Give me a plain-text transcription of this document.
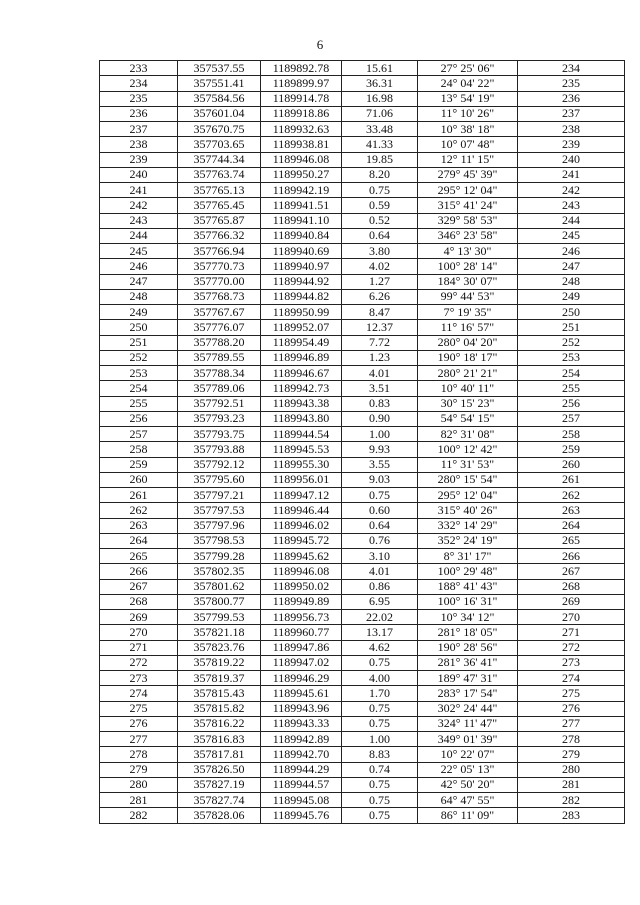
6
233	357537.55	1189892.78	15.61	27° 25' 06"	234
234	357551.41	1189899.97	36.31	24° 04' 22"	235
235	357584.56	1189914.78	16.98	13° 54' 19"	236
236	357601.04	1189918.86	71.06	11° 10' 26"	237
237	357670.75	1189932.63	33.48	10° 38' 18"	238
238	357703.65	1189938.81	41.33	10° 07' 48"	239
239	357744.34	1189946.08	19.85	12° 11' 15"	240
240	357763.74	1189950.27	8.20	279° 45' 39"	241
241	357765.13	1189942.19	0.75	295° 12' 04"	242
242	357765.45	1189941.51	0.59	315° 41' 24"	243
243	357765.87	1189941.10	0.52	329° 58' 53"	244
244	357766.32	1189940.84	0.64	346° 23' 58"	245
245	357766.94	1189940.69	3.80	4° 13' 30"	246
246	357770.73	1189940.97	4.02	100° 28' 14"	247
247	357770.00	1189944.92	1.27	184° 30' 07"	248
248	357768.73	1189944.82	6.26	99° 44' 53"	249
249	357767.67	1189950.99	8.47	7° 19' 35"	250
250	357776.07	1189952.07	12.37	11° 16' 57"	251
251	357788.20	1189954.49	7.72	280° 04' 20"	252
252	357789.55	1189946.89	1.23	190° 18' 17"	253
253	357788.34	1189946.67	4.01	280° 21' 21"	254
254	357789.06	1189942.73	3.51	10° 40' 11"	255
255	357792.51	1189943.38	0.83	30° 15' 23"	256
256	357793.23	1189943.80	0.90	54° 54' 15"	257
257	357793.75	1189944.54	1.00	82° 31' 08"	258
258	357793.88	1189945.53	9.93	100° 12' 42"	259
259	357792.12	1189955.30	3.55	11° 31' 53"	260
260	357795.60	1189956.01	9.03	280° 15' 54"	261
261	357797.21	1189947.12	0.75	295° 12' 04"	262
262	357797.53	1189946.44	0.60	315° 40' 26"	263
263	357797.96	1189946.02	0.64	332° 14' 29"	264
264	357798.53	1189945.72	0.76	352° 24' 19"	265
265	357799.28	1189945.62	3.10	8° 31' 17"	266
266	357802.35	1189946.08	4.01	100° 29' 48"	267
267	357801.62	1189950.02	0.86	188° 41' 43"	268
268	357800.77	1189949.89	6.95	100° 16' 31"	269
269	357799.53	1189956.73	22.02	10° 34' 12"	270
270	357821.18	1189960.77	13.17	281° 18' 05"	271
271	357823.76	1189947.86	4.62	190° 28' 56"	272
272	357819.22	1189947.02	0.75	281° 36' 41"	273
273	357819.37	1189946.29	4.00	189° 47' 31"	274
274	357815.43	1189945.61	1.70	283° 17' 54"	275
275	357815.82	1189943.96	0.75	302° 24' 44"	276
276	357816.22	1189943.33	0.75	324° 11' 47"	277
277	357816.83	1189942.89	1.00	349° 01' 39"	278
278	357817.81	1189942.70	8.83	10° 22' 07"	279
279	357826.50	1189944.29	0.74	22° 05' 13"	280
280	357827.19	1189944.57	0.75	42° 50' 20"	281
281	357827.74	1189945.08	0.75	64° 47' 55"	282
282	357828.06	1189945.76	0.75	86° 11' 09"	283
